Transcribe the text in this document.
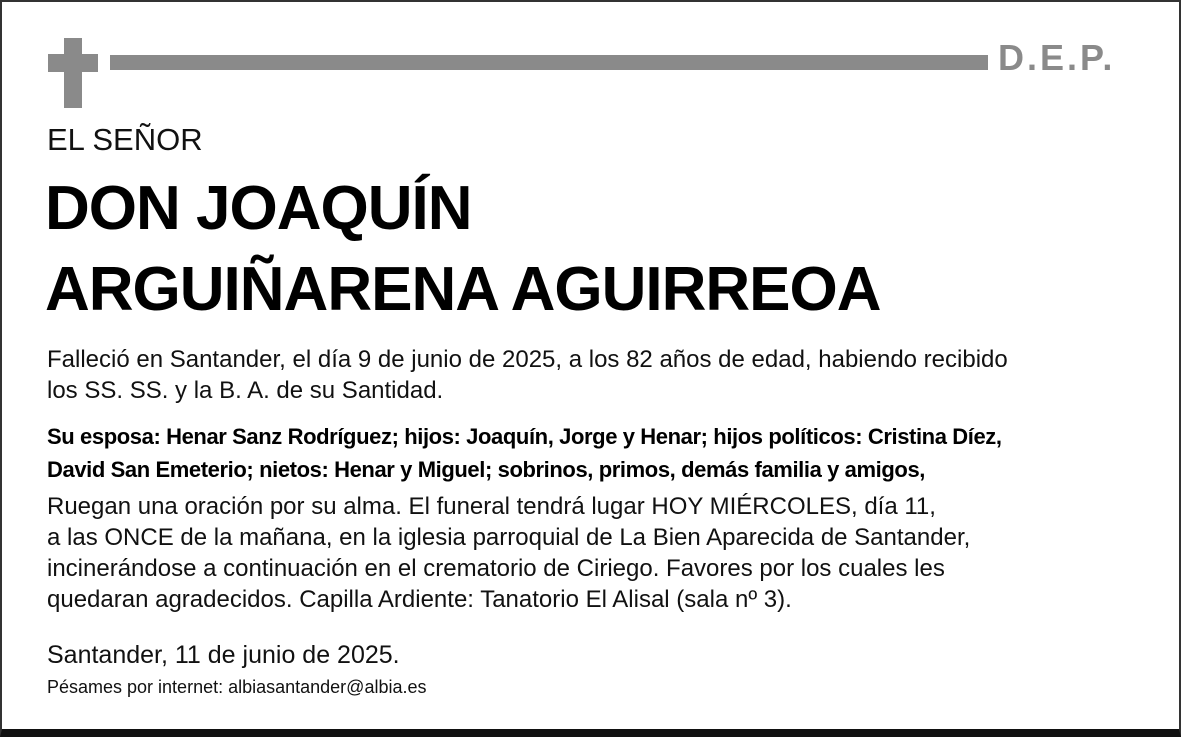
D.E.P.
EL SEÑOR
DON JOAQUÍN
ARGUIÑARENA AGUIRREOA
Falleció en Santander, el día 9 de junio de 2025, a los 82 años de edad, habiendo recibido
los SS. SS. y la B. A. de su Santidad.
Su esposa: Henar Sanz Rodríguez; hijos: Joaquín, Jorge y Henar; hijos políticos: Cristina Díez,
David San Emeterio; nietos: Henar y Miguel; sobrinos, primos, demás familia y amigos,
Ruegan una oración por su alma. El funeral tendrá lugar HOY MIÉRCOLES, día 11,
a las ONCE de la mañana, en la iglesia parroquial de La Bien Aparecida de Santander,
incinerándose a continuación en el crematorio de Ciriego. Favores por los cuales les
quedaran agradecidos. Capilla Ardiente: Tanatorio El Alisal (sala nº 3).
Santander, 11 de junio de 2025.
Pésames por internet: albiasantander@albia.es
